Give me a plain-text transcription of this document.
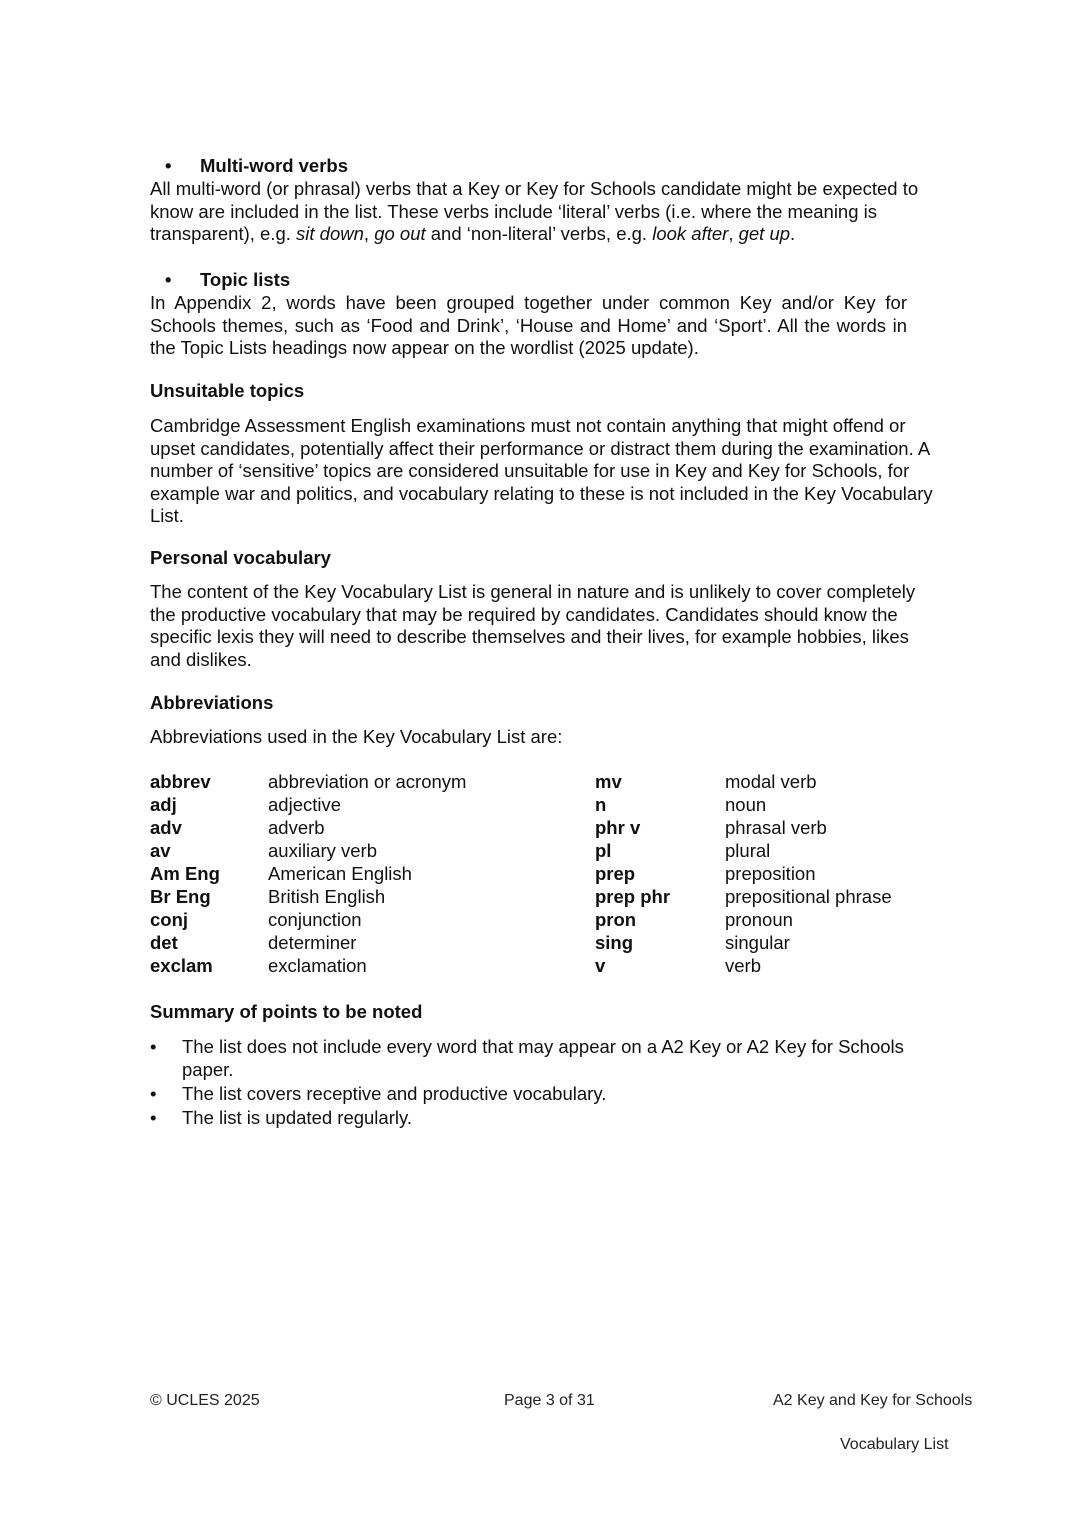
• Multi-word verbs
All multi-word (or phrasal) verbs that a Key or Key for Schools candidate might be expected to know are included in the list. These verbs include ‘literal’ verbs (i.e. where the meaning is transparent), e.g. sit down, go out and ‘non-literal’ verbs, e.g. look after, get up.
• Topic lists
In Appendix 2, words have been grouped together under common Key and/or Key for Schools themes, such as ‘Food and Drink’, ‘House and Home’ and ‘Sport’. All the words in the Topic Lists headings now appear on the wordlist (2025 update).
Unsuitable topics
Cambridge Assessment English examinations must not contain anything that might offend or upset candidates, potentially affect their performance or distract them during the examination. A number of ‘sensitive’ topics are considered unsuitable for use in Key and Key for Schools, for example war and politics, and vocabulary relating to these is not included in the Key Vocabulary List.
Personal vocabulary
The content of the Key Vocabulary List is general in nature and is unlikely to cover completely the productive vocabulary that may be required by candidates. Candidates should know the specific lexis they will need to describe themselves and their lives, for example hobbies, likes and dislikes.
Abbreviations
Abbreviations used in the Key Vocabulary List are:
abbrev	abbreviation or acronym	mv	modal verb
adj	adjective	n	noun
adv	adverb	phr v	phrasal verb
av	auxiliary verb	pl	plural
Am Eng	American English	prep	preposition
Br Eng	British English	prep phr	prepositional phrase
conj	conjunction	pron	pronoun
det	determiner	sing	singular
exclam	exclamation	v	verb
Summary of points to be noted
• The list does not include every word that may appear on a A2 Key or A2 Key for Schools paper.
• The list covers receptive and productive vocabulary.
• The list is updated regularly.
© UCLES 2025	Page 3 of 31	A2 Key and Key for Schools
Vocabulary List
